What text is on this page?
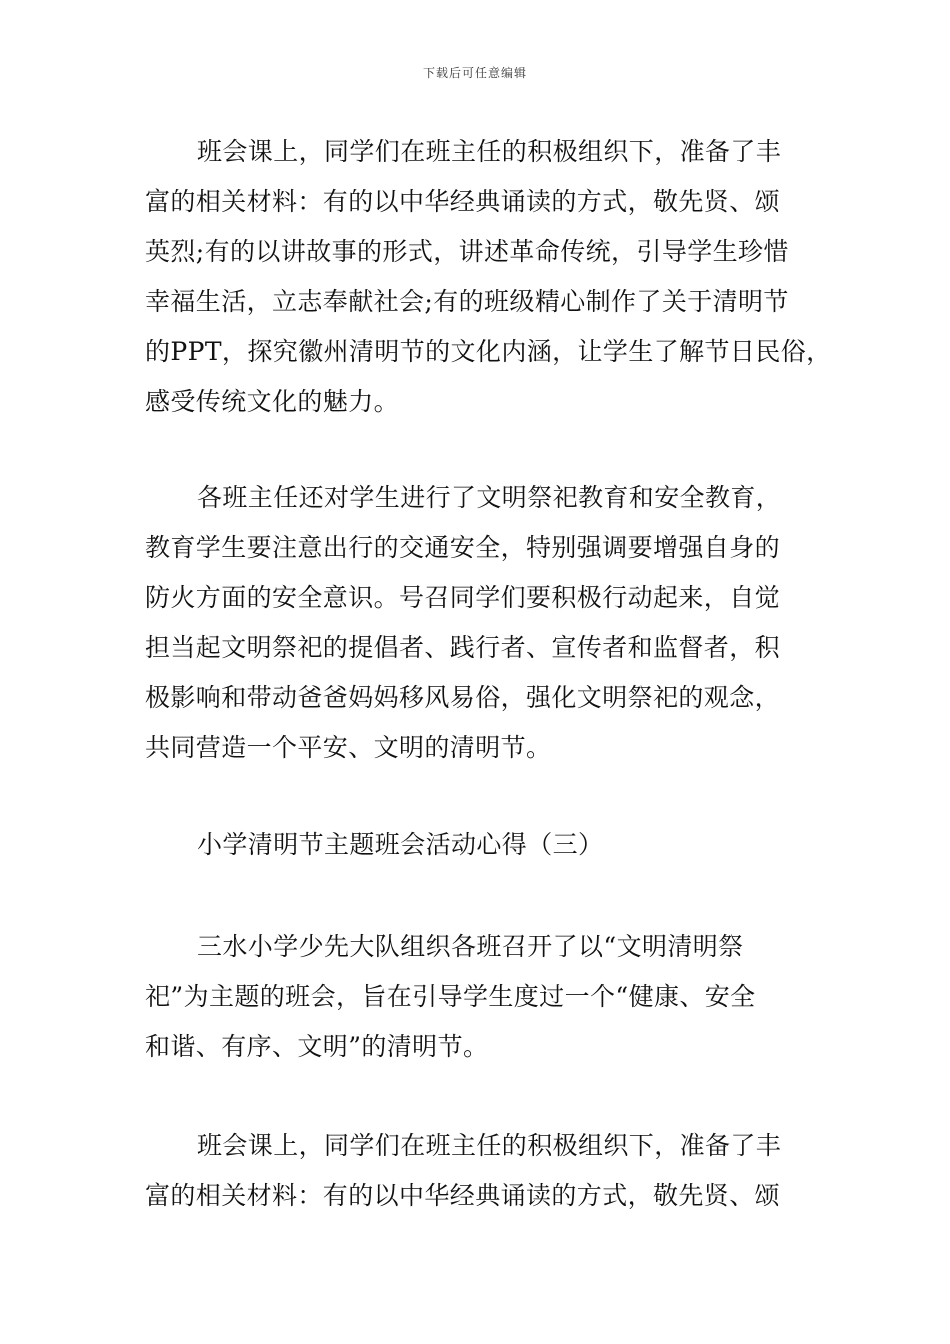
下载后可任意编辑
班会课上，同学们在班主任的积极组织下，准备了丰
富的相关材料：有的以中华经典诵读的方式，敬先贤、颂
英烈;有的以讲故事的形式，讲述革命传统，引导学生珍惜
幸福生活，立志奉献社会;有的班级精心制作了关于清明节
的PPT，探究徽州清明节的文化内涵，让学生了解节日民俗，
感受传统文化的魅力。
各班主任还对学生进行了文明祭祀教育和安全教育，
教育学生要注意出行的交通安全，特别强调要增强自身的
防火方面的安全意识。号召同学们要积极行动起来，自觉
担当起文明祭祀的提倡者、践行者、宣传者和监督者，积
极影响和带动爸爸妈妈移风易俗，强化文明祭祀的观念，
共同营造一个平安、文明的清明节。
小学清明节主题班会活动心得（三）
三水小学少先大队组织各班召开了以“文明清明祭
祀”为主题的班会，旨在引导学生度过一个“健康、安全
和谐、有序、文明”的清明节。
班会课上，同学们在班主任的积极组织下，准备了丰
富的相关材料：有的以中华经典诵读的方式，敬先贤、颂
